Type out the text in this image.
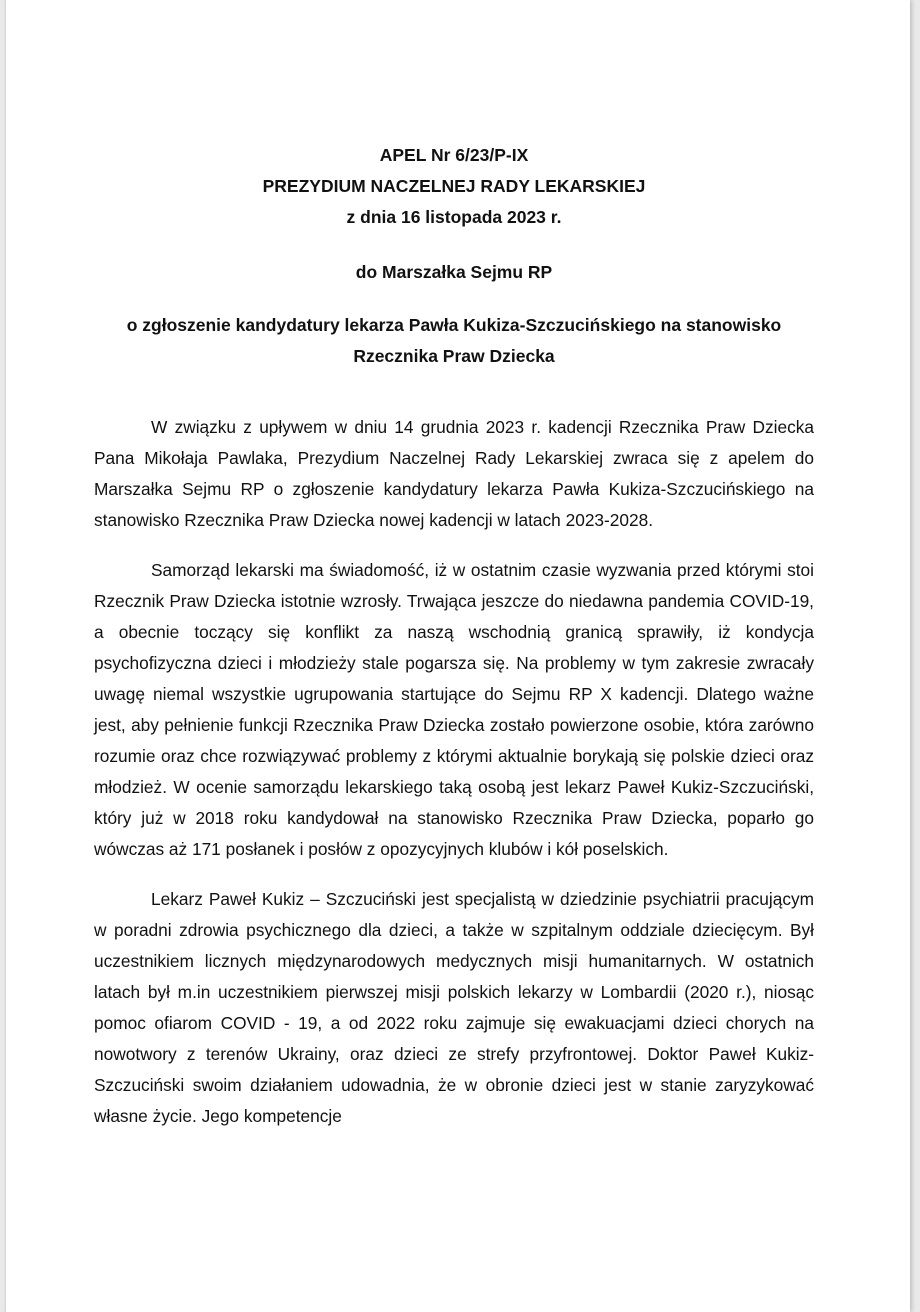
APEL Nr 6/23/P-IX

PREZYDIUM NACZELNEJ RADY LEKARSKIEJ

z dnia 16 listopada 2023 r.

do Marszałka Sejmu RP

o zgłoszenie kandydatury lekarza Pawła Kukiza-Szczucińskiego na stanowisko Rzecznika Praw Dziecka

W związku z upływem w dniu 14 grudnia 2023 r. kadencji Rzecznika Praw Dziecka Pana Mikołaja Pawlaka, Prezydium Naczelnej Rady Lekarskiej zwraca się z apelem do Marszałka Sejmu RP o zgłoszenie kandydatury lekarza Pawła Kukiza-Szczucińskiego na stanowisko Rzecznika Praw Dziecka nowej kadencji w latach 2023-2028.

Samorząd lekarski ma świadomość, iż w ostatnim czasie wyzwania przed którymi stoi Rzecznik Praw Dziecka istotnie wzrosły. Trwająca jeszcze do niedawna pandemia COVID-19, a obecnie toczący się konflikt za naszą wschodnią granicą sprawiły, iż kondycja psychofizyczna dzieci i młodzieży stale pogarsza się. Na problemy w tym zakresie zwracały uwagę niemal wszystkie ugrupowania startujące do Sejmu RP X kadencji. Dlatego ważne jest, aby pełnienie funkcji Rzecznika Praw Dziecka zostało powierzone osobie, która zarówno rozumie oraz chce rozwiązywać problemy z którymi aktualnie borykają się polskie dzieci oraz młodzież. W ocenie samorządu lekarskiego taką osobą jest lekarz Paweł Kukiz-Szczuciński, który już w 2018 roku kandydował na stanowisko Rzecznika Praw Dziecka, poparło go wówczas aż 171 posłanek i posłów z opozycyjnych klubów i kół poselskich.

Lekarz Paweł Kukiz – Szczuciński jest specjalistą w dziedzinie psychiatrii pracującym w poradni zdrowia psychicznego dla dzieci, a także w szpitalnym oddziale dziecięcym. Był uczestnikiem licznych międzynarodowych medycznych misji humanitarnych. W ostatnich latach był m.in uczestnikiem pierwszej misji polskich lekarzy w Lombardii (2020 r.), niosąc pomoc ofiarom COVID - 19, a od 2022 roku zajmuje się ewakuacjami dzieci chorych na nowotwory z terenów Ukrainy, oraz dzieci ze strefy przyfrontowej. Doktor Paweł Kukiz-Szczuciński swoim działaniem udowadnia, że w obronie dzieci jest w stanie zaryzykować własne życie. Jego kompetencje
